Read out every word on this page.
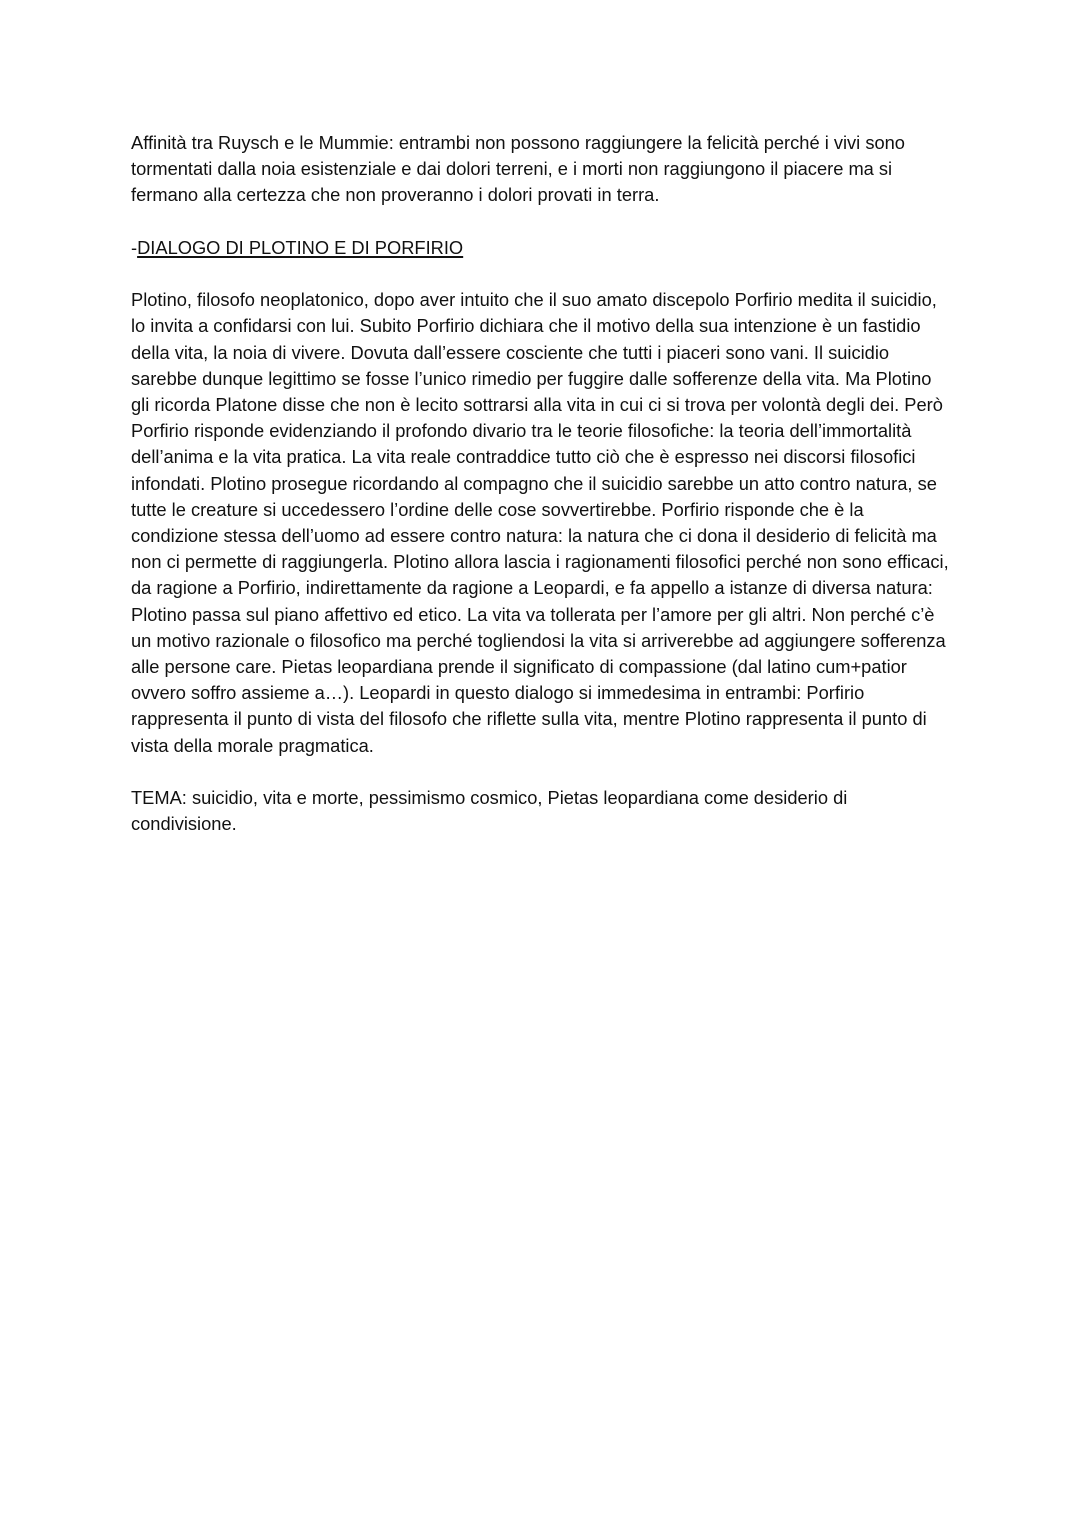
Affinità tra Ruysch e le Mummie: entrambi non possono raggiungere la felicità perché i vivi sono tormentati dalla noia esistenziale e dai dolori terreni, e i morti non raggiungono il piacere ma si fermano alla certezza che non proveranno i dolori provati in terra.

-DIALOGO DI PLOTINO E DI PORFIRIO

Plotino, filosofo neoplatonico, dopo aver intuito che il suo amato discepolo Porfirio medita il suicidio, lo invita a confidarsi con lui. Subito Porfirio dichiara che il motivo della sua intenzione è un fastidio della vita, la noia di vivere. Dovuta dall’essere cosciente che tutti i piaceri sono vani. Il suicidio sarebbe dunque legittimo se fosse l’unico rimedio per fuggire dalle sofferenze della vita. Ma Plotino gli ricorda Platone disse che non è lecito sottrarsi alla vita in cui ci si trova per volontà degli dei. Però Porfirio risponde evidenziando il profondo divario tra le teorie filosofiche: la teoria dell’immortalità dell’anima e la vita pratica. La vita reale contraddice tutto ciò che è espresso nei discorsi filosofici infondati. Plotino prosegue ricordando al compagno che il suicidio sarebbe un atto contro natura, se tutte le creature si uccedessero l’ordine delle cose sovvertirebbe. Porfirio risponde che è la condizione stessa dell’uomo ad essere contro natura: la natura che ci dona il desiderio di felicità ma non ci permette di raggiungerla. Plotino allora lascia i ragionamenti filosofici perché non sono efficaci, da ragione a Porfirio, indirettamente da ragione a Leopardi, e fa appello a istanze di diversa natura: Plotino passa sul piano affettivo ed etico. La vita va tollerata per l’amore per gli altri. Non perché c’è un motivo razionale o filosofico ma perché togliendosi la vita si arriverebbe ad aggiungere sofferenza alle persone care. Pietas leopardiana prende il significato di compassione (dal latino cum+patior ovvero soffro assieme a…). Leopardi in questo dialogo si immedesima in entrambi: Porfirio rappresenta il punto di vista del filosofo che riflette sulla vita, mentre Plotino rappresenta il punto di vista della morale pragmatica.

TEMA: suicidio, vita e morte, pessimismo cosmico, Pietas leopardiana come desiderio di condivisione.
